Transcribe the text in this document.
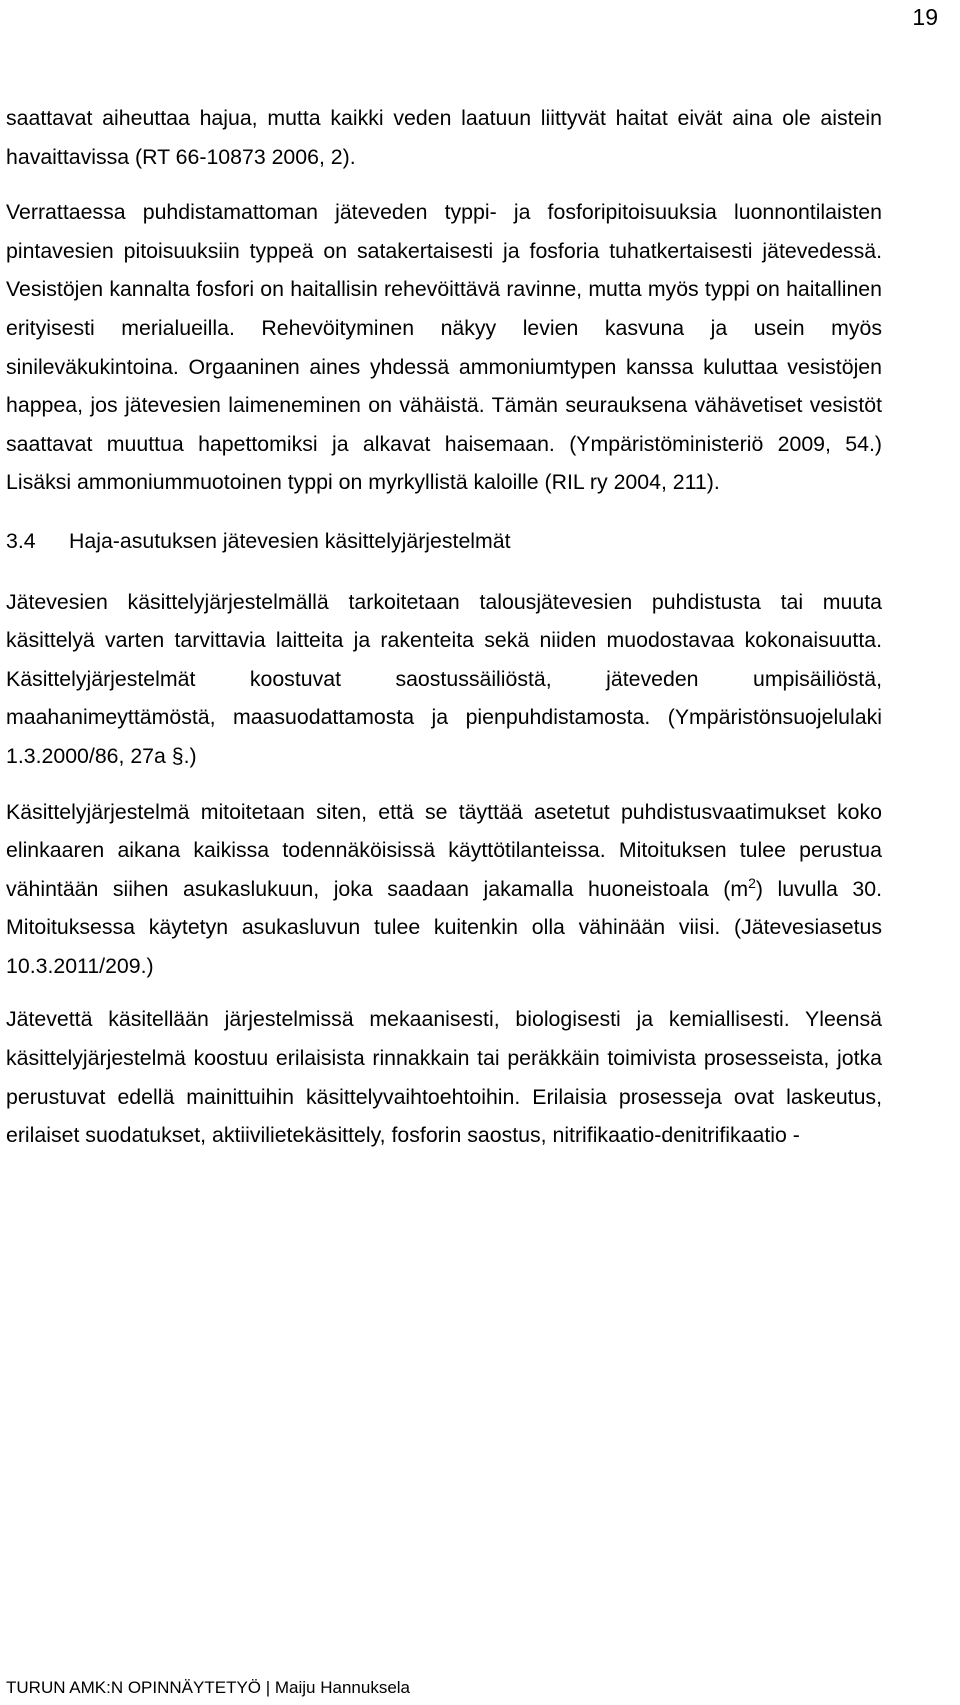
19

saattavat aiheuttaa hajua, mutta kaikki veden laatuun liittyvät haitat eivät aina ole aistein havaittavissa (RT 66-10873 2006, 2).

Verrattaessa puhdistamattoman jäteveden typpi- ja fosforipitoisuuksia luonnontilaisten pintavesien pitoisuuksiin typpeä on satakertaisesti ja fosforia tuhatkertaisesti jätevedessä. Vesistöjen kannalta fosfori on haitallisin rehevöittävä ravinne, mutta myös typpi on haitallinen erityisesti merialueilla. Rehevöityminen näkyy levien kasvuna ja usein myös sinileväkukintoina. Orgaaninen aines yhdessä ammoniumtypen kanssa kuluttaa vesistöjen happea, jos jätevesien laimeneminen on vähäistä. Tämän seurauksena vähävetiset vesistöt saattavat muuttua hapettomiksi ja alkavat haisemaan. (Ympäristöministeriö 2009, 54.) Lisäksi ammoniummuotoinen typpi on myrkyllistä kaloille (RIL ry 2004, 211).

3.4	Haja-asutuksen jätevesien käsittelyjärjestelmät

Jätevesien käsittelyjärjestelmällä tarkoitetaan talousjätevesien puhdistusta tai muuta käsittelyä varten tarvittavia laitteita ja rakenteita sekä niiden muodostavaa kokonaisuutta. Käsittelyjärjestelmät koostuvat saostussäiliöstä, jäteveden umpisäiliöstä, maahanimeyttämöstä, maasuodattamosta ja pienpuhdistamosta. (Ympäristönsuojelulaki 1.3.2000/86, 27a §.)

Käsittelyjärjestelmä mitoitetaan siten, että se täyttää asetetut puhdistusvaatimukset koko elinkaaren aikana kaikissa todennäköisissä käyttötilanteissa. Mitoituksen tulee perustua vähintään siihen asukaslukuun, joka saadaan jakamalla huoneistoala $(m^2)$ luvulla 30. Mitoituksessa käytetyn asukasluvun tulee kuitenkin olla vähinään viisi. (Jätevesiasetus 10.3.2011/209.)

Jätevettä käsitellään järjestelmissä mekaanisesti, biologisesti ja kemiallisesti. Yleensä käsittelyjärjestelmä koostuu erilaisista rinnakkain tai peräkkäin toimivista prosesseista, jotka perustuvat edellä mainittuihin käsittelyvaihtoehtoihin. Erilaisia prosesseja ovat laskeutus, erilaiset suodatukset, aktiivilietekäsittely, fosforin saostus, nitrifikaatio-denitrifikaatio -

TURUN AMK:N OPINNÄYTETYÖ | Maiju Hannuksela
